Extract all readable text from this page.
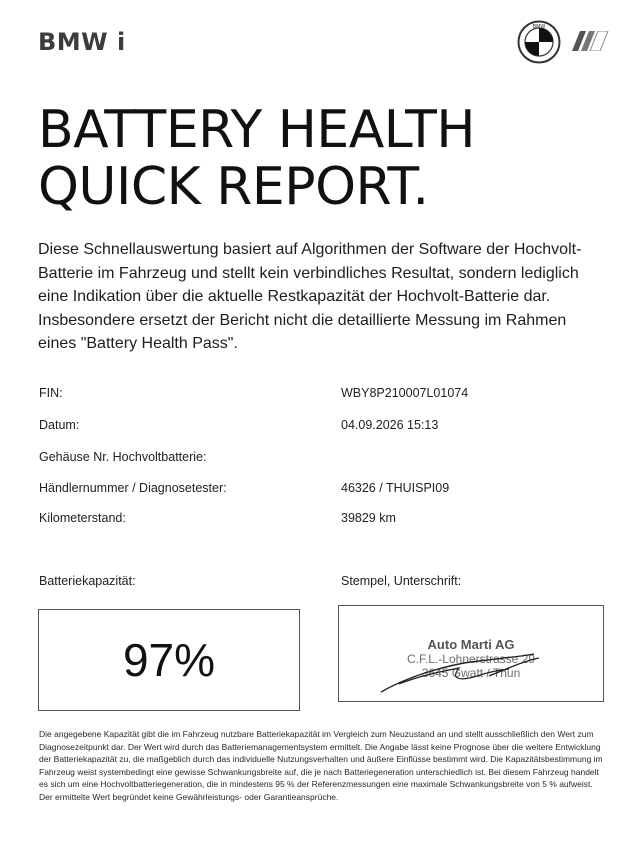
BMW i
BMW
BATTERY HEALTH
QUICK REPORT.

Diese Schnellauswertung basiert auf Algorithmen der Software der Hochvolt-Batterie im Fahrzeug und stellt kein verbindliches Resultat, sondern lediglich eine Indikation über die aktuelle Restkapazität der Hochvolt-Batterie dar. Insbesondere ersetzt der Bericht nicht die detaillierte Messung im Rahmen eines "Battery Health Pass".

FIN:	WBY8P210007L01074
Datum:	04.09.2026 15:13
Gehäuse Nr. Hochvoltbatterie:
Händlernummer / Diagnosetester:	46326 / THUISPI09
Kilometerstand:	39829 km
Batteriekapazität:	Stempel, Unterschrift:
97%	Auto Marti AG
C.F.L.-Lohnerstrasse 29
3645 Gwatt / Thun

Die angegebene Kapazität gibt die im Fahrzeug nutzbare Batteriekapazität im Vergleich zum Neuzustand an und stellt ausschließlich den Wert zum Diagnosezeitpunkt dar. Der Wert wird durch das Batteriemanagementsystem ermittelt. Die Angabe lässt keine Prognose über die weitere Entwicklung der Batteriekapazität zu, die maßgeblich durch das individuelle Nutzungsverhalten und äußere Einflüsse bestimmt wird. Die Kapazitätsbestimmung im Fahrzeug weist systembedingt eine gewisse Schwankungsbreite auf, die je nach Batteriegeneration unterschiedlich ist. Bei diesem Fahrzeug handelt es sich um eine Hochvoltbatteriegeneration, die in mindestens 95 % der Referenzmessungen eine maximale Schwankungsbreite von 5 % aufweist. Der ermittelte Wert begründet keine Gewährleistungs- oder Garantieansprüche.
